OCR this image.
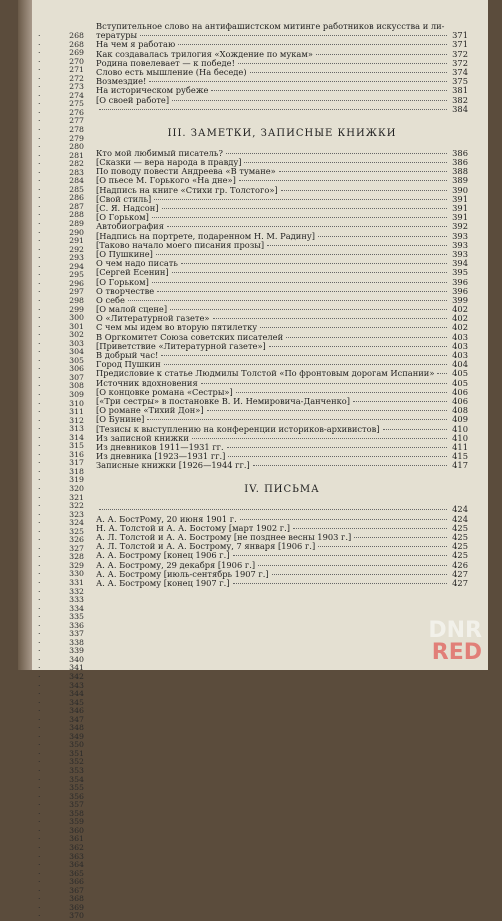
·	268
·	268
·	269
·	270
·	271
·	272
·	273
·	274
·	275
·	276
·	277
·	278
·	279
·	280
·	281
·	282
·	283
·	284
·	285
·	286
·	287
·	288
·	289
·	290
·	291
·	292
·	293
·	294
·	295
·	296
·	297
·	298
·	299
·	300
·	301
·	302
·	303
·	304
·	305
·	306
·	307
·	308
·	309
·	310
·	311
·	312
·	313
·	314
·	315
·	316
·	317
·	318
·	319
·	320
·	321
·	322
·	323
·	324
·	325
·	326
·	327
·	328
·	329
·	330
·	331
·	332
·	333
·	334
·	335
·	336
·	337
·	338
·	339
·	340
·	341
·	342
·	343
·	344
·	345
·	346
·	347
·	348
·	349
·	350
·	351
·	352
·	353
·	354
·	355
·	356
·	357
·	358
·	359
·	360
·	361
·	362
·	363
·	364
·	365
·	366
·	367
·	368
·	369
·	370
Вступительное слово на антифашистском митинге работников искусства и ли-
тературы	371
На чем я работаю	371
Как создавалась трилогия «Хождение по мукам»	372
Родина повелевает — к победе!	372
Слово есть мышление (На беседе)	374
Возмездие!	375
На историческом рубеже	381
[О своей работе]	382
384
III. ЗАМЕТКИ, ЗАПИСНЫЕ КНИЖКИ
Кто мой любимый писатель?	386
[Сказки — вера народа в правду]	386
По поводу повести Андреева «В тумане»	388
[О пьесе М. Горького «На дне»]	389
[Надпись на книге «Стихи гр. Толстого»]	390
[Свой стиль]	391
[С. Я. Надсон]	391
[О Горьком]	391
Автобиография	392
[Надпись на портрете, подаренном Н. М. Радину]	393
[Таково начало моего писания прозы]	393
[О Пушкине]	393
О чем надо писать	394
[Сергей Есенин]	395
[О Горьком]	396
О творчестве	396
О себе	399
[О малой сцене]	402
О «Литературной газете»	402
С чем мы идем во вторую пятилетку	402
В Оргкомитет Союза советских писателей	403
[Приветствие «Литературной газете»]	403
В добрый час!	403
Город Пушкин	404
Предисловие к статье Людмилы Толстой «По фронтовым дорогам Испании» 405
Источник вдохновения	405
[О концовке романа «Сестры»]	406
[«Три сестры» в постановке В. И. Немировича-Данченко]	406
[О романе «Тихий Дон»]	408
[О Бунине]	409
[Тезисы к выступлению на конференции историков-архивистов]	410
Из записной книжки	410
Из дневников 1911—1931 гг.	411
Из дневника [1923—1931 гг.]	415
Записные книжки [1926—1944 гг.]	417
IV. ПИСЬМА
424
А. А. БостРому, 20 июня 1901 г.	424
Н. А. Толстой и А. А. Бостому [март 1902 г.]	425
А. Л. Толстой и А. А. Бострому [не позднее весны 1903 г.]	425
А. Л. Толстой и А. А. Бострому, 7 января [1906 г.]	425
А. А. Бострому [конец 1906 г.]	425
А. А. Бострому, 29 декабря [1906 г.]	426
А. А. Бострому [июль-сентябрь 1907 г.]	427
А. А. Бострому [конец 1907 г.]	427
DNR
RED
